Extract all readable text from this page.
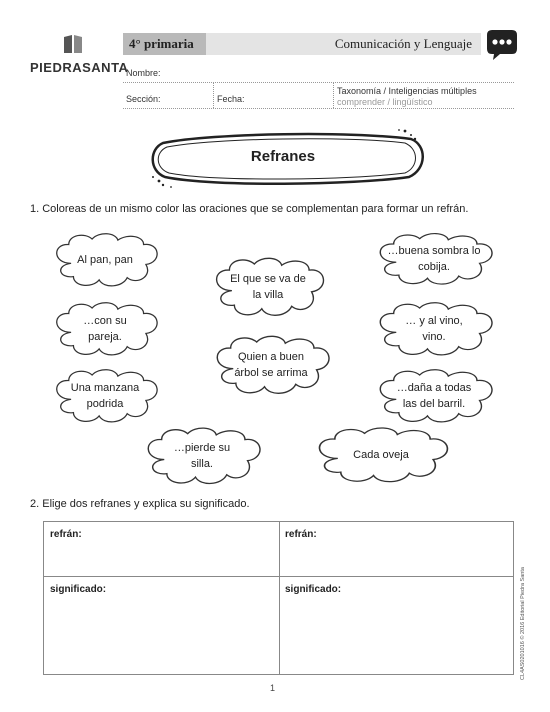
PIEDRASANTA
4° primaria	Comunicación y Lenguaje
Nombre:
Sección:	Fecha:
Taxonomía / Inteligencias múltiples
comprender / lingüístico
Refranes
1. Coloreas de un mismo color las oraciones que se complementan para formar un refrán.
Al pan, pan

El que se va de
la villa
…buena sombra lo
cobija.
…con su
pareja.
… y al vino,
vino.
Quien a buen
árbol se arrima
Una manzana
podrida
…daña a todas
las del barril.
…pierde su
silla.
Cada oveja

2. Elige dos refranes y explica su significado.
refrán:	refrán:
significado:	significado:	CL4AS0201016 © 2016 Editorial Piedra Santa
1
